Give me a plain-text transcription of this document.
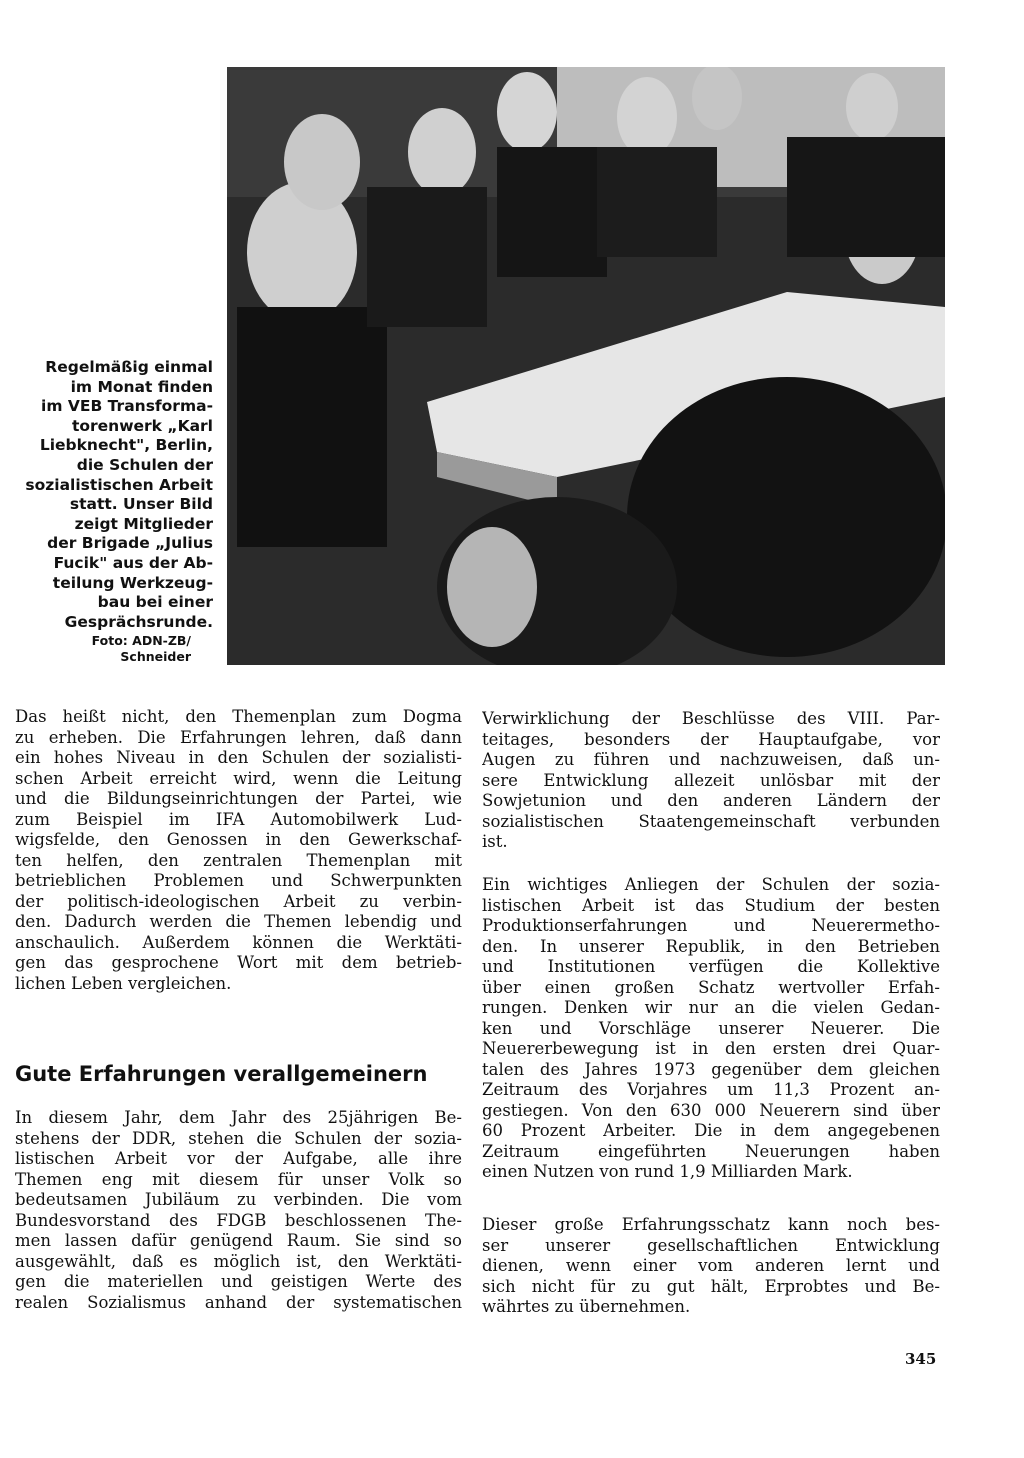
Regelmäßig einmal
im Monat finden
im VEB Transforma-
torenwerk „Karl
Liebknecht", Berlin,
die Schulen der
sozialistischen Arbeit
statt. Unser Bild
zeigt Mitglieder
der Brigade „Julius
Fucik" aus der Ab-
teilung Werkzeug-
bau bei einer
Gesprächsrunde.
Foto: ADN-ZB/
Schneider
Das heißt nicht, den Themenplan zum Dogma
zu erheben. Die Erfahrungen lehren, daß dann
ein hohes Niveau in den Schulen der sozialisti-
schen Arbeit erreicht wird, wenn die Leitung
und die Bildungseinrichtungen der Partei, wie
zum Beispiel im IFA Automobilwerk Lud-
wigsfelde, den Genossen in den Gewerkschaf-
ten helfen, den zentralen Themenplan mit
betrieblichen Problemen und Schwerpunkten
der politisch-ideologischen Arbeit zu verbin-
den. Dadurch werden die Themen lebendig und
anschaulich. Außerdem können die Werktäti-
gen das gesprochene Wort mit dem betrieb-
lichen Leben vergleichen.
Gute Erfahrungen verallgemeinern
In diesem Jahr, dem Jahr des 25jährigen Be-
stehens der DDR, stehen die Schulen der sozia-
listischen Arbeit vor der Aufgabe, alle ihre
Themen eng mit diesem für unser Volk so
bedeutsamen Jubiläum zu verbinden. Die vom
Bundesvorstand des FDGB beschlossenen The-
men lassen dafür genügend Raum. Sie sind so
ausgewählt, daß es möglich ist, den Werktäti-
gen die materiellen und geistigen Werte des
realen Sozialismus anhand der systematischen
Verwirklichung der Beschlüsse des VIII. Par-
teitages, besonders der Hauptaufgabe, vor
Augen zu führen und nachzuweisen, daß un-
sere Entwicklung allezeit unlösbar mit der
Sowjetunion und den anderen Ländern der
sozialistischen Staatengemeinschaft verbunden
ist.
Ein wichtiges Anliegen der Schulen der sozia-
listischen Arbeit ist das Studium der besten
Produktionserfahrungen und Neuerermetho-
den. In unserer Republik, in den Betrieben
und Institutionen verfügen die Kollektive
über einen großen Schatz wertvoller Erfah-
rungen. Denken wir nur an die vielen Gedan-
ken und Vorschläge unserer Neuerer. Die
Neuererbewegung ist in den ersten drei Quar-
talen des Jahres 1973 gegenüber dem gleichen
Zeitraum des Vorjahres um 11,3 Prozent an-
gestiegen. Von den 630 000 Neuerern sind über
60 Prozent Arbeiter. Die in dem angegebenen
Zeitraum eingeführten Neuerungen haben
einen Nutzen von rund 1,9 Milliarden Mark.
Dieser große Erfahrungsschatz kann noch bes-
ser unserer gesellschaftlichen Entwicklung
dienen, wenn einer vom anderen lernt und
sich nicht für zu gut hält, Erprobtes und Be-
währtes zu übernehmen.
345
